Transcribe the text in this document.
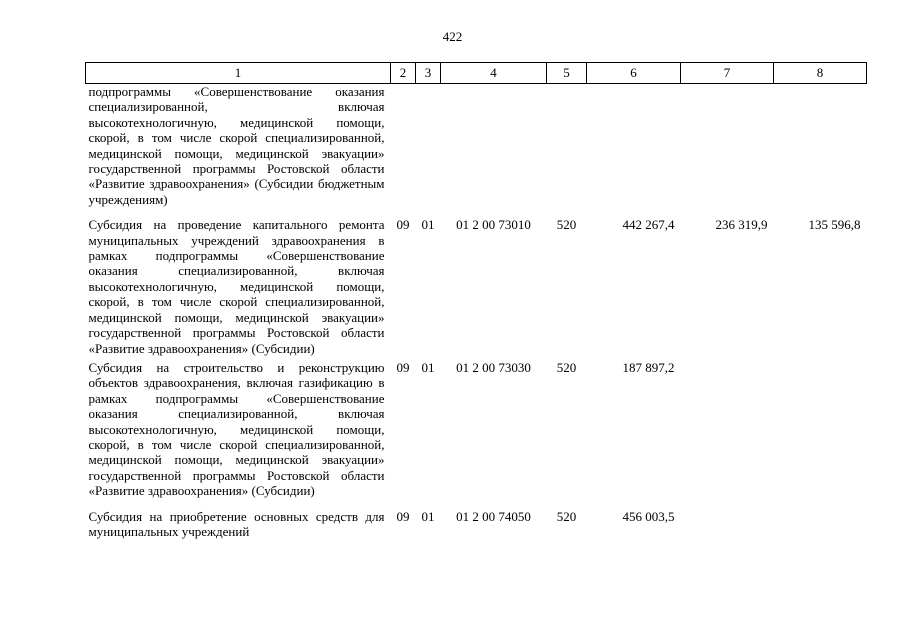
422
1	2	3	4	5	6	7	8
подпрограммы «Совершенствование оказания специализированной, включая высокотехнологичную, медицинской помощи, скорой, в том числе скорой специализированной, медицинской помощи, медицинской эвакуации» государственной программы Ростовской области «Развитие здравоохранения» (Субсидии бюджетным учреждениям)							
Субсидия на проведение капитального ремонта муниципальных учреждений здравоохранения в рамках подпрограммы «Совершенствование оказания специализированной, включая высокотехнологичную, медицинской помощи, скорой, в том числе скорой специализированной, медицинской помощи, медицинской эвакуации» государственной программы Ростовской области «Развитие здравоохранения» (Субсидии)	09	01	01 2 00 73010	520	442 267,4	236 319,9	135 596,8
Субсидия на строительство и реконструкцию объектов здравоохранения, включая газификацию в рамках подпрограммы «Совершенствование оказания специализированной, включая высокотехнологичную, медицинской помощи, скорой, в том числе скорой специализированной, медицинской помощи, медицинской эвакуации» государственной программы Ростовской области «Развитие здравоохранения» (Субсидии)	09	01	01 2 00 73030	520	187 897,2		
Субсидия на приобретение основных средств для муниципальных учреждений	09	01	01 2 00 74050	520	456 003,5		
